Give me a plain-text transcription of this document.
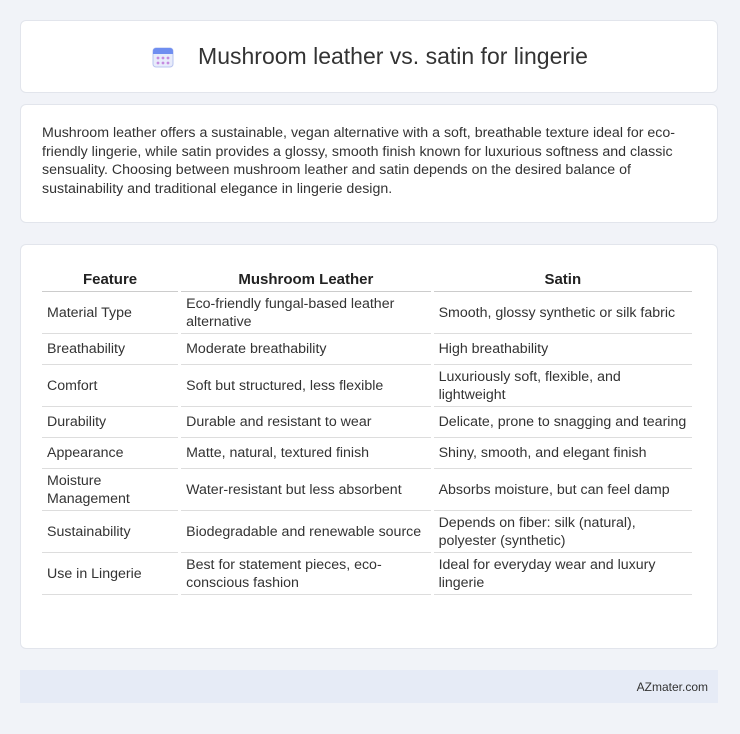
Mushroom leather vs. satin for lingerie

Mushroom leather offers a sustainable, vegan alternative with a soft, breathable texture ideal for eco-friendly lingerie, while satin provides a glossy, smooth finish known for luxurious softness and classic sensuality. Choosing between mushroom leather and satin depends on the desired balance of sustainability and traditional elegance in lingerie design.

Feature	Mushroom Leather	Satin
Material Type	Eco-friendly fungal-based leather alternative	Smooth, glossy synthetic or silk fabric
Breathability	Moderate breathability	High breathability
Comfort	Soft but structured, less flexible	Luxuriously soft, flexible, and lightweight
Durability	Durable and resistant to wear	Delicate, prone to snagging and tearing
Appearance	Matte, natural, textured finish	Shiny, smooth, and elegant finish
Moisture Management	Water-resistant but less absorbent	Absorbs moisture, but can feel damp
Sustainability	Biodegradable and renewable source	Depends on fiber: silk (natural), polyester (synthetic)
Use in Lingerie	Best for statement pieces, eco-conscious fashion	Ideal for everyday wear and luxury lingerie
AZmater.com
